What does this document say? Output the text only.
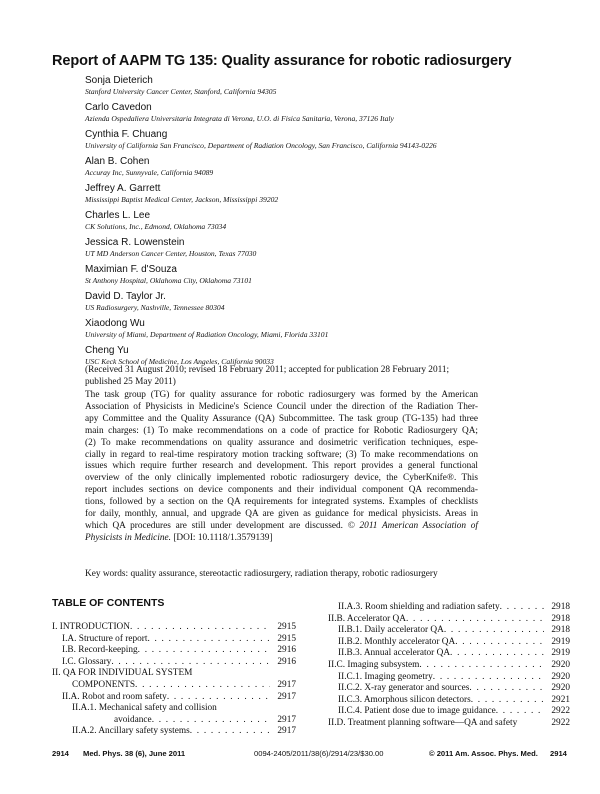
Report of AAPM TG 135: Quality assurance for robotic radiosurgery
Sonja Dieterich
Stanford University Cancer Center, Stanford, California 94305
Carlo Cavedon
Azienda Ospedaliera Universitaria Integrata di Verona, U.O. di Fisica Sanitaria, Verona, 37126 Italy
Cynthia F. Chuang
University of California San Francisco, Department of Radiation Oncology, San Francisco, California 94143-0226
Alan B. Cohen
Accuray Inc, Sunnyvale, California 94089
Jeffrey A. Garrett
Mississippi Baptist Medical Center, Jackson, Mississippi 39202
Charles L. Lee
CK Solutions, Inc., Edmond, Oklahoma 73034
Jessica R. Lowenstein
UT MD Anderson Cancer Center, Houston, Texas 77030
Maximian F. d'Souza
St Anthony Hospital, Oklahoma City, Oklahoma 73101
David D. Taylor Jr.
US Radiosurgery, Nashville, Tennessee 80304
Xiaodong Wu
University of Miami, Department of Radiation Oncology, Miami, Florida 33101
Cheng Yu
USC Keck School of Medicine, Los Angeles, California 90033
(Received 31 August 2010; revised 18 February 2011; accepted for publication 28 February 2011;
published 25 May 2011)
The task group (TG) for quality assurance for robotic radiosurgery was formed by the American
Association of Physicists in Medicine's Science Council under the direction of the Radiation Ther-
apy Committee and the Quality Assurance (QA) Subcommittee. The task group (TG-135) had three
main charges: (1) To make recommendations on a code of practice for Robotic Radiosurgery QA;
(2) To make recommendations on quality assurance and dosimetric verification techniques, espe-
cially in regard to real-time respiratory motion tracking software; (3) To make recommendations on
issues which require further research and development. This report provides a general functional
overview of the only clinically implemented robotic radiosurgery device, the CyberKnife®. This
report includes sections on device components and their individual component QA recommenda-
tions, followed by a section on the QA requirements for integrated systems. Examples of checklists
for daily, monthly, annual, and upgrade QA are given as guidance for medical physicists. Areas in
which QA procedures are still under development are discussed. © 2011 American Association of
Physicists in Medicine. [DOI: 10.1118/1.3579139]
Key words: quality assurance, stereotactic radiosurgery, radiation therapy, robotic radiosurgery
TABLE OF CONTENTS
I. INTRODUCTION . . .	2915
I.A. Structure of report . . .	2915
I.B. Record-keeping . . .	2916
I.C. Glossary . . .	2916
II. QA FOR INDIVIDUAL SYSTEM
COMPONENTS . . .	2917
II.A. Robot and room safety . . .	2917
II.A.1. Mechanical safety and collision
avoidance . . .	2917
II.A.2. Ancillary safety systems . . .	2917
II.A.3. Room shielding and radiation safety . . .	2918
II.B. Accelerator QA . . .	2918
II.B.1. Daily accelerator QA . . .	2918
II.B.2. Monthly accelerator QA . . .	2919
II.B.3. Annual accelerator QA . . .	2919
II.C. Imaging subsystem . . .	2920
II.C.1. Imaging geometry . . .	2920
II.C.2. X-ray generator and sources . . .	2920
II.C.3. Amorphous silicon detectors . . .	2921
II.C.4. Patient dose due to image guidance . . .	2922
II.D. Treatment planning software—QA and safety	2922
2914 Med. Phys. 38 (6), June 2011	0094-2405/2011/38(6)/2914/23/$30.00	© 2011 Am. Assoc. Phys. Med. 2914
